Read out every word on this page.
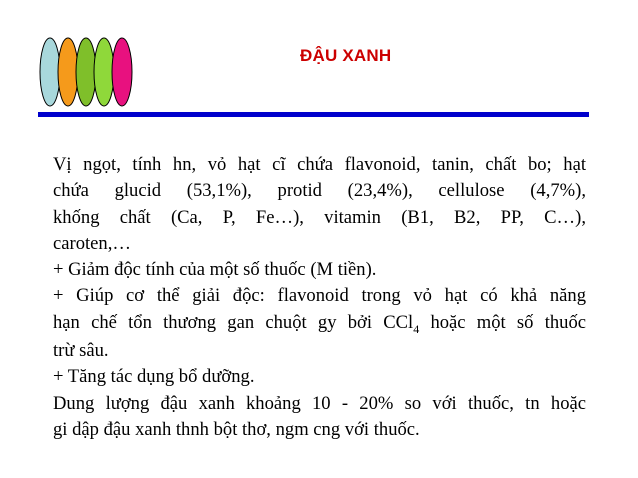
ĐẬU XANH
Vị ngọt, tính hn, vỏ hạt cĩ chứa flavonoid, tanin, chất bo; hạt
chứa glucid (53,1%), protid (23,4%), cellulose (4,7%),
khống chất (Ca, P, Fe…), vitamin (B1, B2, PP, C…),
caroten,…
+ Giảm độc tính của một số thuốc (M tiền).
+ Giúp cơ thể giải độc: flavonoid trong vỏ hạt có khả năng
hạn chế tổn thương gan chuột gy bởi CCl$_4$ hoặc một số thuốc
trừ sâu.
+ Tăng tác dụng bổ dưỡng.
Dung lượng đậu xanh khoảng 10 - 20% so với thuốc, tn hoặc
gi dập đậu xanh thnh bột thơ, ngm cng với thuốc.
